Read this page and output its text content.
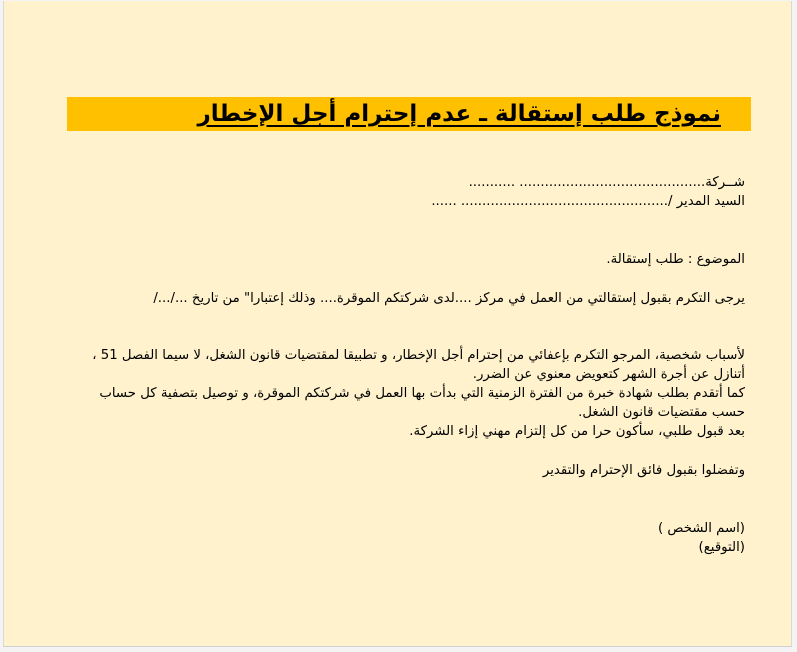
نموذج طلب إستقالة ـ عدم إحترام أجل الإخطار
شــركة............................................ ...........
السيد المدير /................................................. ......
الموضوع : طلب إستقالة.
يرجى التكرم بقبول إستقالتي من العمل في مركز ....لدى شركتكم الموقرة.... وذلك إعتبارا" من تاريخ .../.../
لأسباب شخصية، المرجو التكرم بإعفائي من إحترام أجل الإخطار، و تطبيقا لمقتضيات قانون الشغل، لا سيما الفصل 51 ، أتنازل عن أجرة الشهر كتعويض معنوي عن الضرر.
كما أتقدم بطلب شهادة خبرة من الفترة الزمنية التي بدأت بها العمل في شركتكم الموقرة، و توصيل بتصفية كل حساب حسب مقتضيات قانون الشغل.
بعد قبول طلبي، سأكون حرا من كل إلتزام مهني إزاء الشركة.
وتفضلوا بقبول فائق الإحترام والتقدير
(اسم الشخص )
(التوقيع)
